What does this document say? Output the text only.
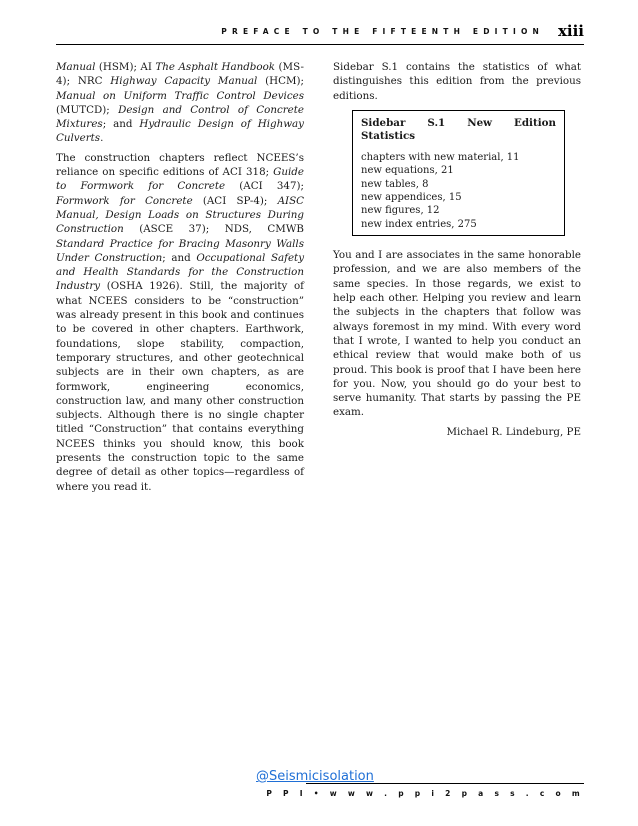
PREFACE TO THE FIFTEENTH EDITION xiii

Manual (HSM); AI The Asphalt Handbook (MS-4); NRC Highway Capacity Manual (HCM); Manual on Uniform Traffic Control Devices (MUTCD); Design and Control of Concrete Mixtures; and Hydraulic Design of Highway Culverts.

The construction chapters reflect NCEES’s reliance on specific editions of ACI 318; Guide to Formwork for Concrete (ACI 347); Formwork for Concrete (ACI SP-4); AISC Manual, Design Loads on Structures During Construction (ASCE 37); NDS, CMWB Standard Practice for Bracing Masonry Walls Under Construction; and Occupational Safety and Health Standards for the Construction Industry (OSHA 1926). Still, the majority of what NCEES considers to be “construction” was already present in this book and continues to be covered in other chapters. Earthwork, foundations, slope stability, compaction, temporary structures, and other geotechnical subjects are in their own chapters, as are formwork, engineering economics, construction law, and many other construction subjects. Although there is no single chapter titled “Construction” that contains everything NCEES thinks you should know, this book presents the construction topic to the same degree of detail as other topics—regardless of where you read it.

Sidebar S.1 contains the statistics of what distinguishes this edition from the previous editions.

Sidebar S.1 New Edition Statistics
chapters with new material, 11
new equations, 21
new tables, 8
new appendices, 15
new figures, 12
new index entries, 275

You and I are associates in the same honorable profession, and we are also members of the same species. In those regards, we exist to help each other. Helping you review and learn the subjects in the chapters that follow was always foremost in my mind. With every word that I wrote, I wanted to help you conduct an ethical review that would make both of us proud. This book is proof that I have been here for you. Now, you should go do your best to serve humanity. That starts by passing the PE exam.

Michael R. Lindeburg, PE
@Seismicisolation
P P I • w w w . p p i 2 p a s s . c o m
